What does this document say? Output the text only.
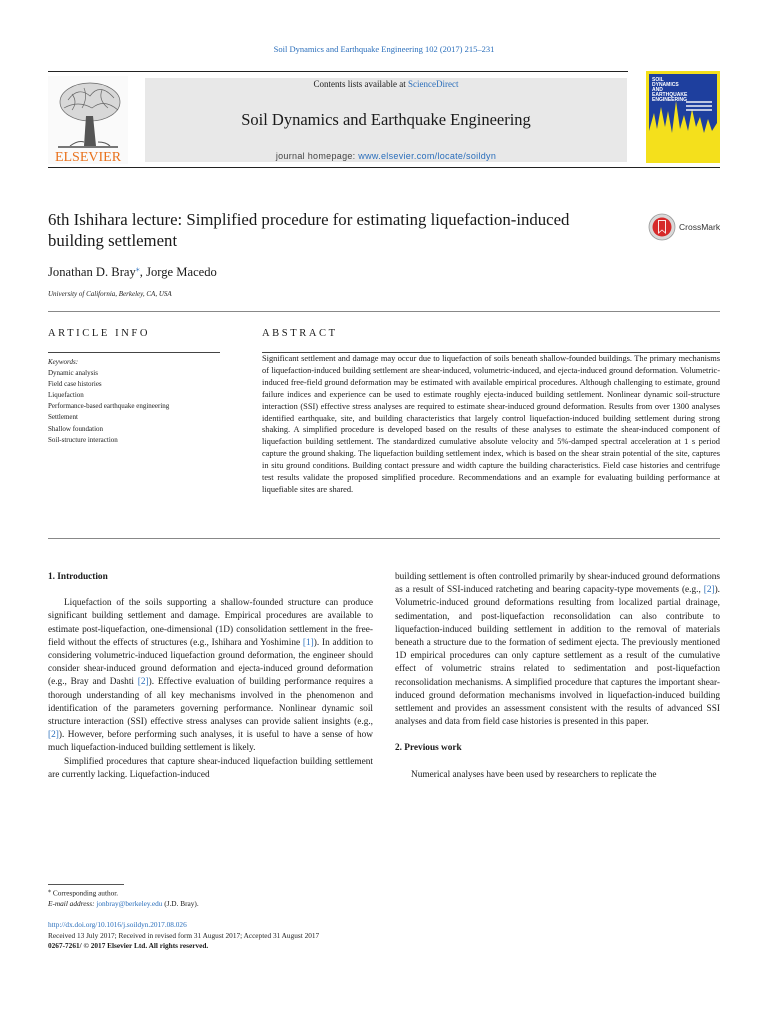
Soil Dynamics and Earthquake Engineering 102 (2017) 215–231
ELSEVIER
Contents lists available at ScienceDirect
Soil Dynamics and Earthquake Engineering
journal homepage: www.elsevier.com/locate/soildyn
SOIL
DYNAMICS
AND
EARTHQUAKE
ENGINEERING
6th Ishihara lecture: Simplified procedure for estimating liquefaction-induced building settlement
CrossMark
Jonathan D. Bray⁎, Jorge Macedo
University of California, Berkeley, CA, USA
ARTICLE INFO	ABSTRACT
Keywords:
Dynamic analysis
Field case histories
Liquefaction
Performance-based earthquake engineering
Settlement
Shallow foundation
Soil-structure interaction
Significant settlement and damage may occur due to liquefaction of soils beneath shallow-founded buildings. The primary mechanisms of liquefaction-induced building settlement are shear-induced, volumetric-induced, and ejecta-induced ground deformation. Volumetric-induced free-field ground deformation may be estimated with available empirical procedures. Although challenging to estimate, ground failure indices and experience can be used to estimate roughly ejecta-induced building settlement. Nonlinear dynamic soil-structure interaction (SSI) effective stress analyses are required to estimate shear-induced ground deformation. Results from over 1300 analyses identified earthquake, site, and building characteristics that largely control liquefaction-induced building settlement during strong shaking. A simplified procedure is developed based on the results of these analyses to estimate the shear-induced component of liquefaction building settlement. The standardized cumulative absolute velocity and 5%-damped spectral acceleration at 1 s period capture the ground shaking. The liquefaction building settlement index, which is based on the shear strain potential of the site, captures in situ ground conditions. Building contact pressure and width capture the building characteristics. Field case histories and centrifuge test results validate the proposed simplified procedure. Recommendations and an example for evaluating building performance at liquefiable sites are shared.
1. Introduction

Liquefaction of the soils supporting a shallow-founded structure can produce significant building settlement and damage. Empirical procedures are available to estimate post-liquefaction, one-dimensional (1D) consolidation settlement in the free-field without the effects of structures (e.g., Ishihara and Yoshimine [1]). In addition to considering volumetric-induced liquefaction ground deformation, the engineer should consider shear-induced ground deformation and ejecta-induced ground deformation (e.g., Bray and Dashti [2]). Effective evaluation of building performance requires a thorough understanding of all key mechanisms involved in the phenomenon and identification of the parameters governing performance. Nonlinear dynamic soil structure interaction (SSI) effective stress analyses can provide salient insights (e.g., [2]). However, before performing such analyses, it is useful to have a sense of how much liquefaction-induced building settlement is likely.

Simplified procedures that capture shear-induced liquefaction building settlement are currently lacking. Liquefaction-induced

building settlement is often controlled primarily by shear-induced ground deformations as a result of SSI-induced ratcheting and bearing capacity-type movements (e.g., [2]). Volumetric-induced ground deformations resulting from localized partial drainage, sedimentation, and post-liquefaction reconsolidation can also contribute to liquefaction-induced building settlement in addition to the removal of materials beneath a structure due to the formation of sediment ejecta. The previously mentioned 1D empirical procedures can only capture settlement as a result of the cumulative effect of volumetric strains related to sedimentation and post-liquefaction reconsolidation mechanisms. A simplified procedure that captures the important shear-induced ground deformation mechanisms involved in liquefaction-induced building settlement and provides an assessment consistent with the results of advanced SSI analyses and data from field case histories is presented in this paper.

2. Previous work

Numerical analyses have been used by researchers to replicate the

⁎ Corresponding author.
E-mail address: jonbray@berkeley.edu (J.D. Bray).
http://dx.doi.org/10.1016/j.soildyn.2017.08.026
Received 13 July 2017; Received in revised form 31 August 2017; Accepted 31 August 2017
0267-7261/ © 2017 Elsevier Ltd. All rights reserved.
